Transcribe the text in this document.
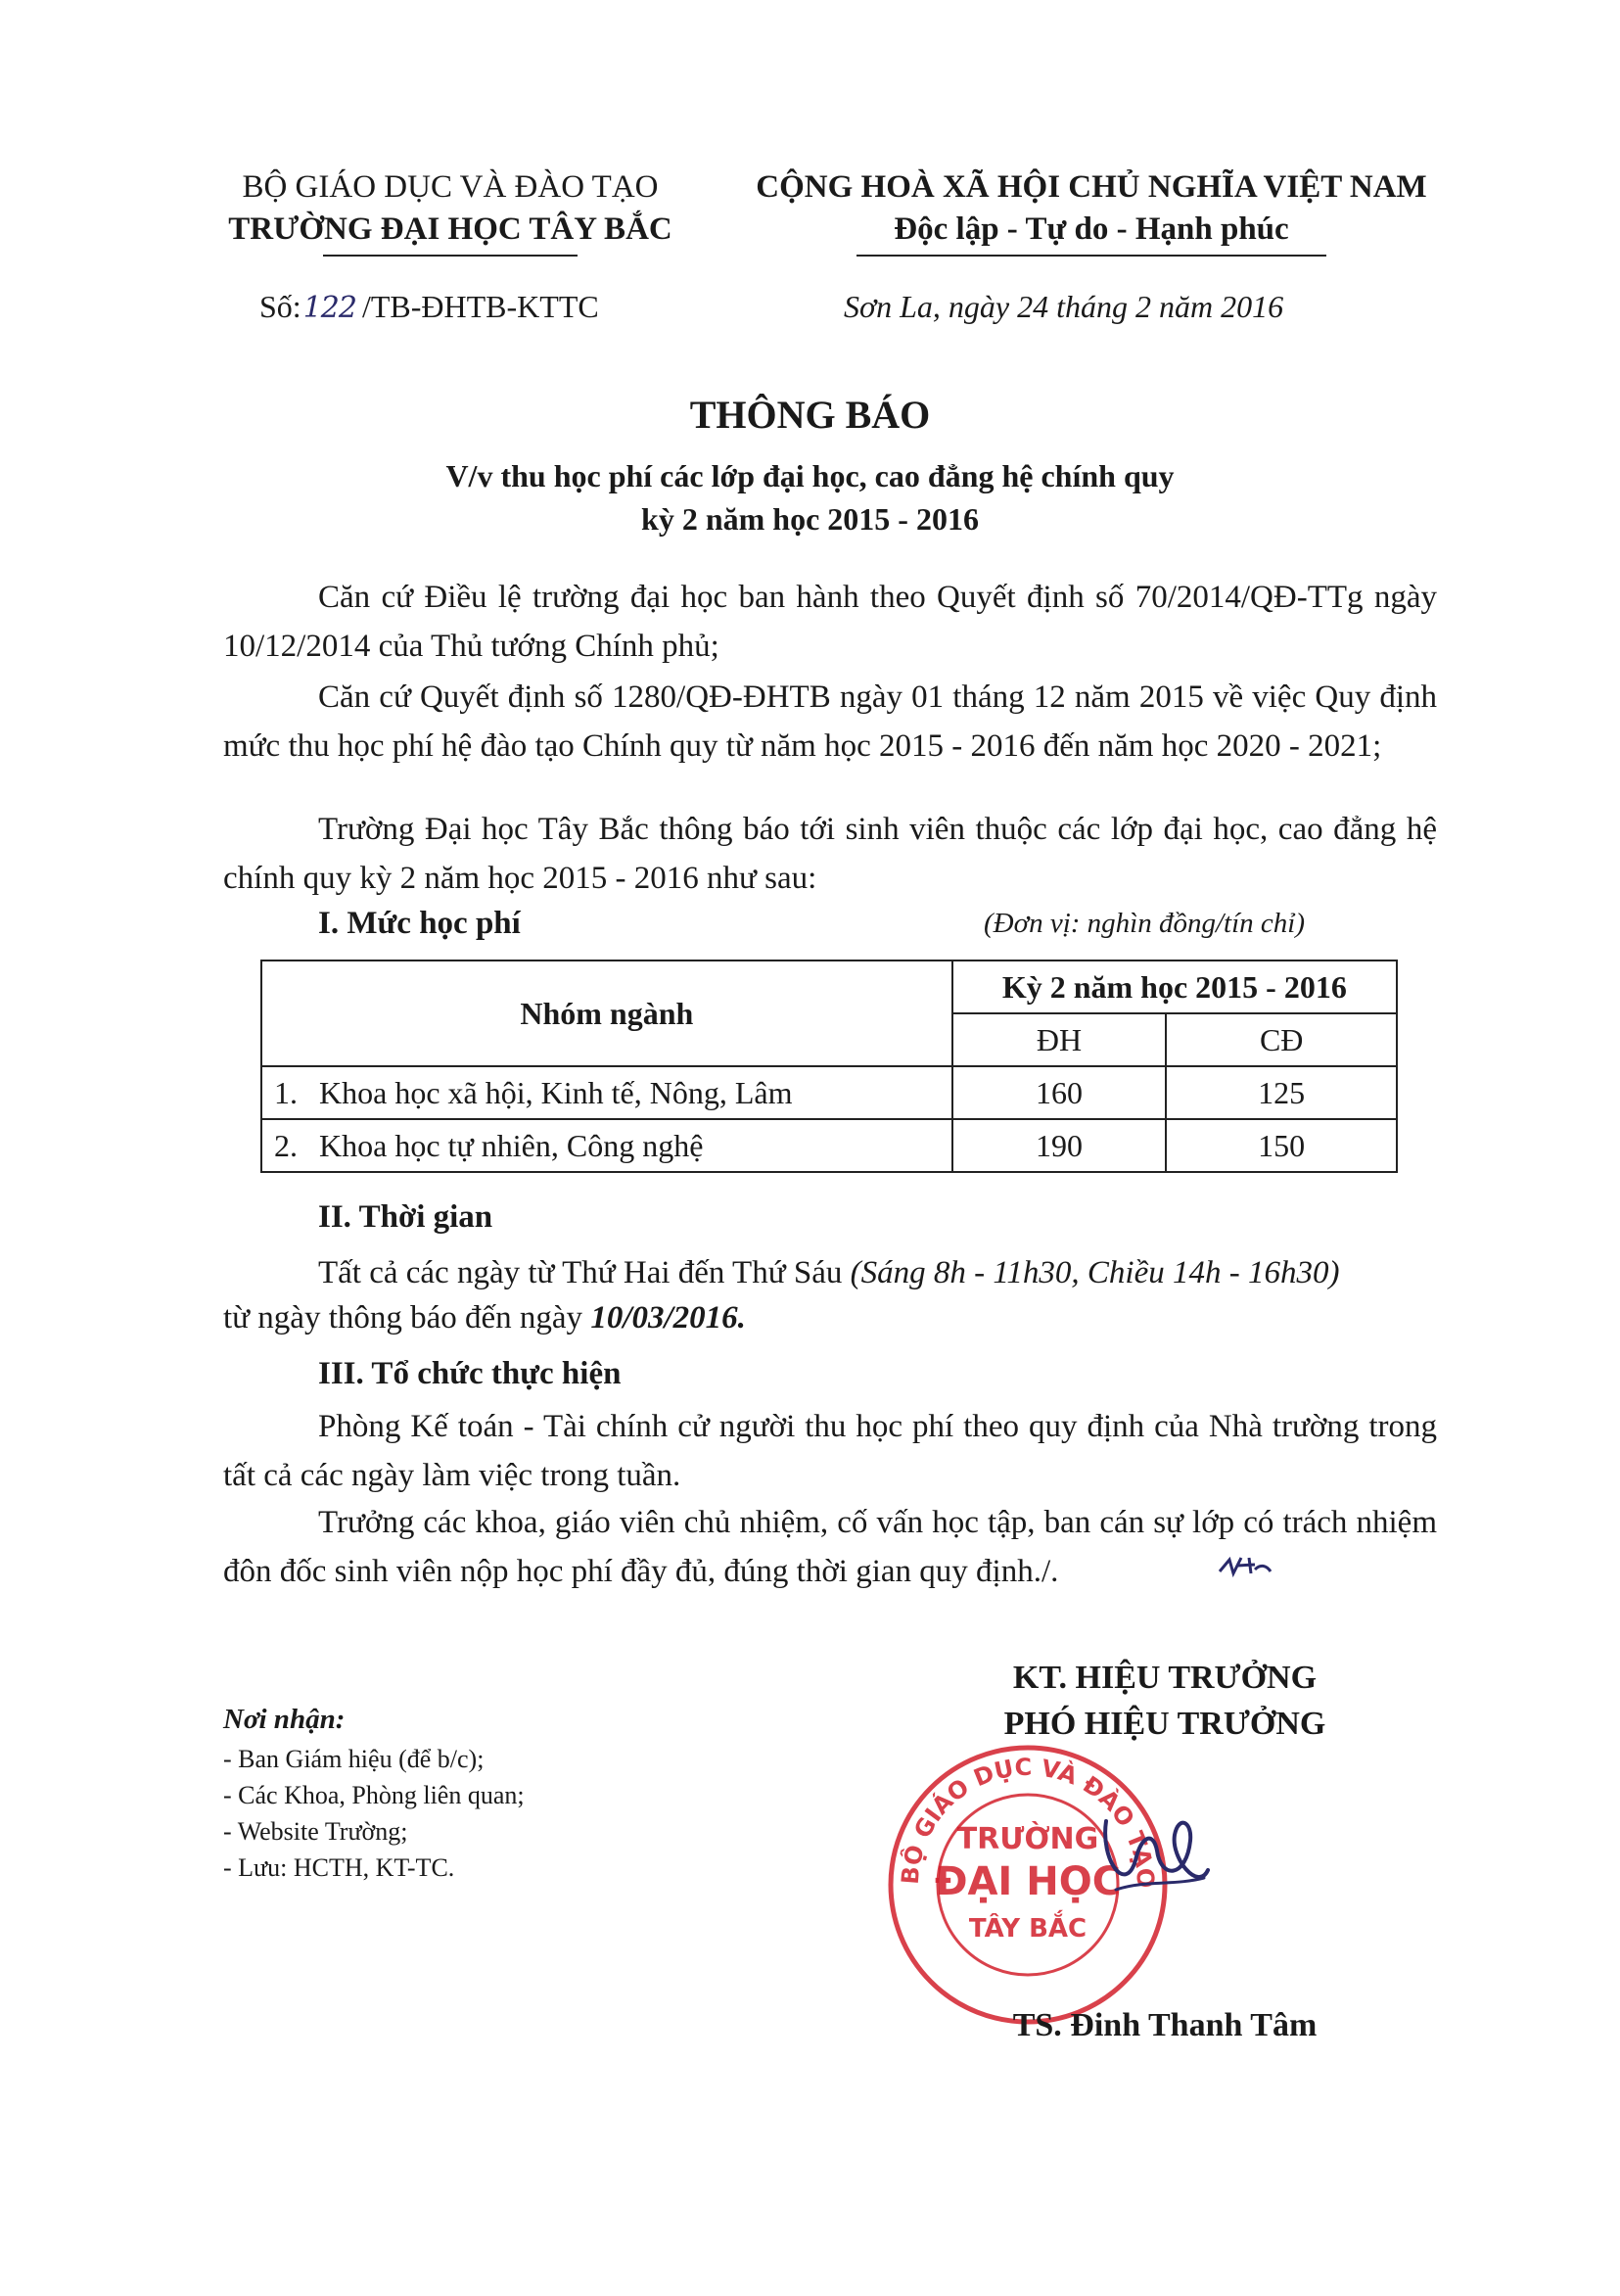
BỘ GIÁO DỤC VÀ ĐÀO TẠO
TRƯỜNG ĐẠI HỌC TÂY BẮC
CỘNG HOÀ XÃ HỘI CHỦ NGHĨA VIỆT NAM
Độc lập - Tự do - Hạnh phúc
Số:122 /TB-ĐHTB-KTTC	Sơn La, ngày 24 tháng 2 năm 2016
THÔNG BÁO
V/v thu học phí các lớp đại học, cao đẳng hệ chính quy
kỳ 2 năm học 2015 - 2016
Căn cứ Điều lệ trường đại học ban hành theo Quyết định số 70/2014/QĐ-TTg ngày 10/12/2014 của Thủ tướng Chính phủ;
Căn cứ Quyết định số 1280/QĐ-ĐHTB ngày 01 tháng 12 năm 2015 về việc Quy định mức thu học phí hệ đào tạo Chính quy từ năm học 2015 - 2016 đến năm học 2020 - 2021;
Trường Đại học Tây Bắc thông báo tới sinh viên thuộc các lớp đại học, cao đẳng hệ chính quy kỳ 2 năm học 2015 - 2016 như sau:
I. Mức học phí	(Đơn vị: nghìn đồng/tín chỉ)
Nhóm ngành	Kỳ 2 năm học 2015 - 2016	
	ĐH	CĐ
1. Khoa học xã hội, Kinh tế, Nông, Lâm	160	125
2. Khoa học tự nhiên, Công nghệ	190	150
II. Thời gian
Tất cả các ngày từ Thứ Hai đến Thứ Sáu (Sáng 8h - 11h30, Chiều 14h - 16h30)
từ ngày thông báo đến ngày 10/03/2016.
III. Tổ chức thực hiện
Phòng Kế toán - Tài chính cử người thu học phí theo quy định của Nhà trường trong tất cả các ngày làm việc trong tuần.
Trưởng các khoa, giáo viên chủ nhiệm, cố vấn học tập, ban cán sự lớp có trách nhiệm đôn đốc sinh viên nộp học phí đầy đủ, đúng thời gian quy định./.
Nơi nhận:
- Ban Giám hiệu (để b/c);
- Các Khoa, Phòng liên quan;
- Website Trường;
- Lưu: HCTH, KT-TC.
KT. HIỆU TRƯỞNG
PHÓ HIỆU TRƯỞNG
BỘ GIÁO DỤC VÀ ĐÀO TẠO
TRƯỜNG
ĐẠI HỌC
TÂY BẮC
TS. Đinh Thanh Tâm
